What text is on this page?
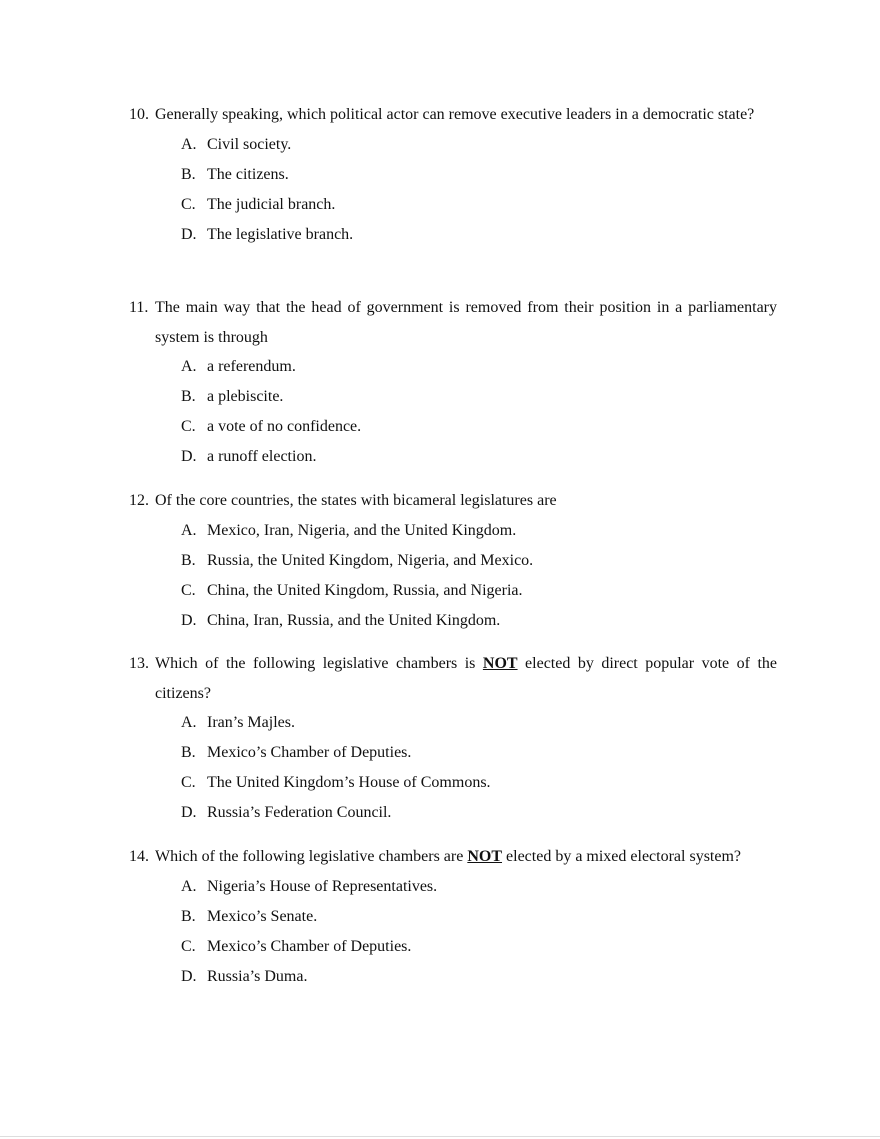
10. Generally speaking, which political actor can remove executive leaders in a democratic state?
A. Civil society.
B. The citizens.
C. The judicial branch.
D. The legislative branch.
11. The main way that the head of government is removed from their position in a parliamentary system is through
A. a referendum.
B. a plebiscite.
C. a vote of no confidence.
D. a runoff election.
12. Of the core countries, the states with bicameral legislatures are
A. Mexico, Iran, Nigeria, and the United Kingdom.
B. Russia, the United Kingdom, Nigeria, and Mexico.
C. China, the United Kingdom, Russia, and Nigeria.
D. China, Iran, Russia, and the United Kingdom.
13. Which of the following legislative chambers is NOT elected by direct popular vote of the citizens?
A. Iran’s Majles.
B. Mexico’s Chamber of Deputies.
C. The United Kingdom’s House of Commons.
D. Russia’s Federation Council.
14. Which of the following legislative chambers are NOT elected by a mixed electoral system?
A. Nigeria’s House of Representatives.
B. Mexico’s Senate.
C. Mexico’s Chamber of Deputies.
D. Russia’s Duma.
